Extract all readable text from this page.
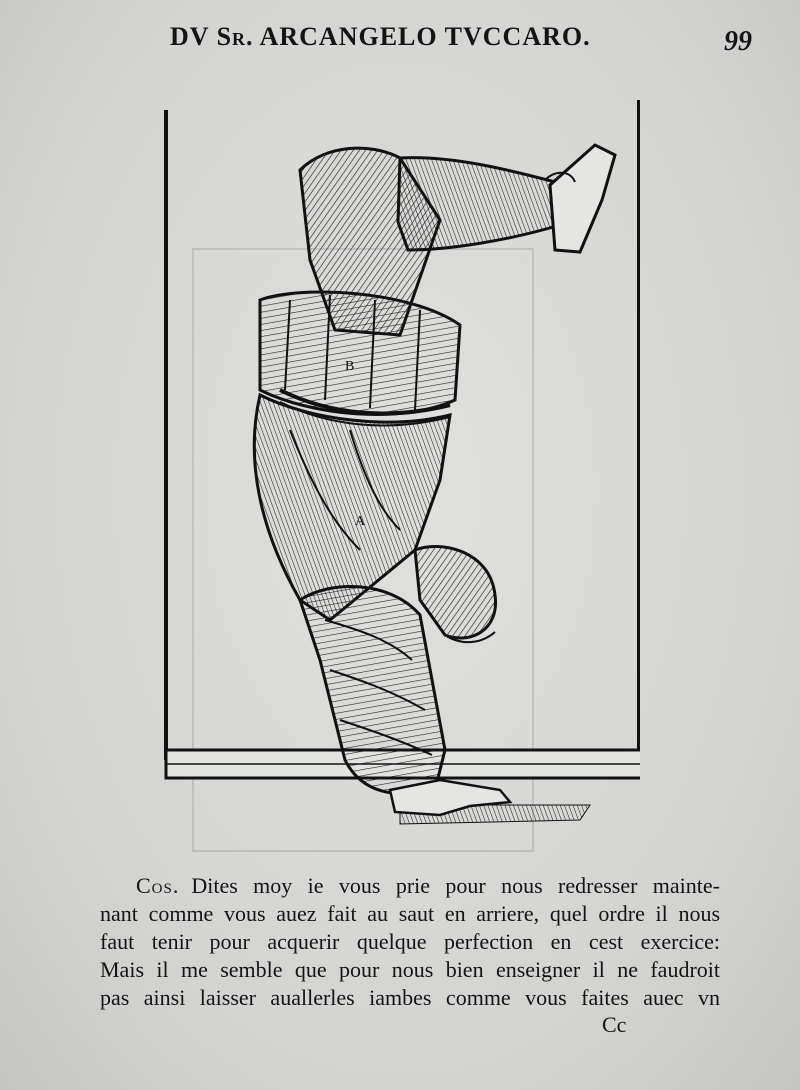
DV Sr. ARCANGELO TVCCARO.	99
B
A
Cos. Dites moy ie vous prie pour nous redresser mainte-
nant comme vous auez fait au saut en arriere, quel ordre il nous
faut tenir pour acquerir quelque perfection en cest exercice:
Mais il me semble que pour nous bien enseigner il ne faudroit
pas ainsi laisser auallerles iambes comme vous faites auec vn
Cc
